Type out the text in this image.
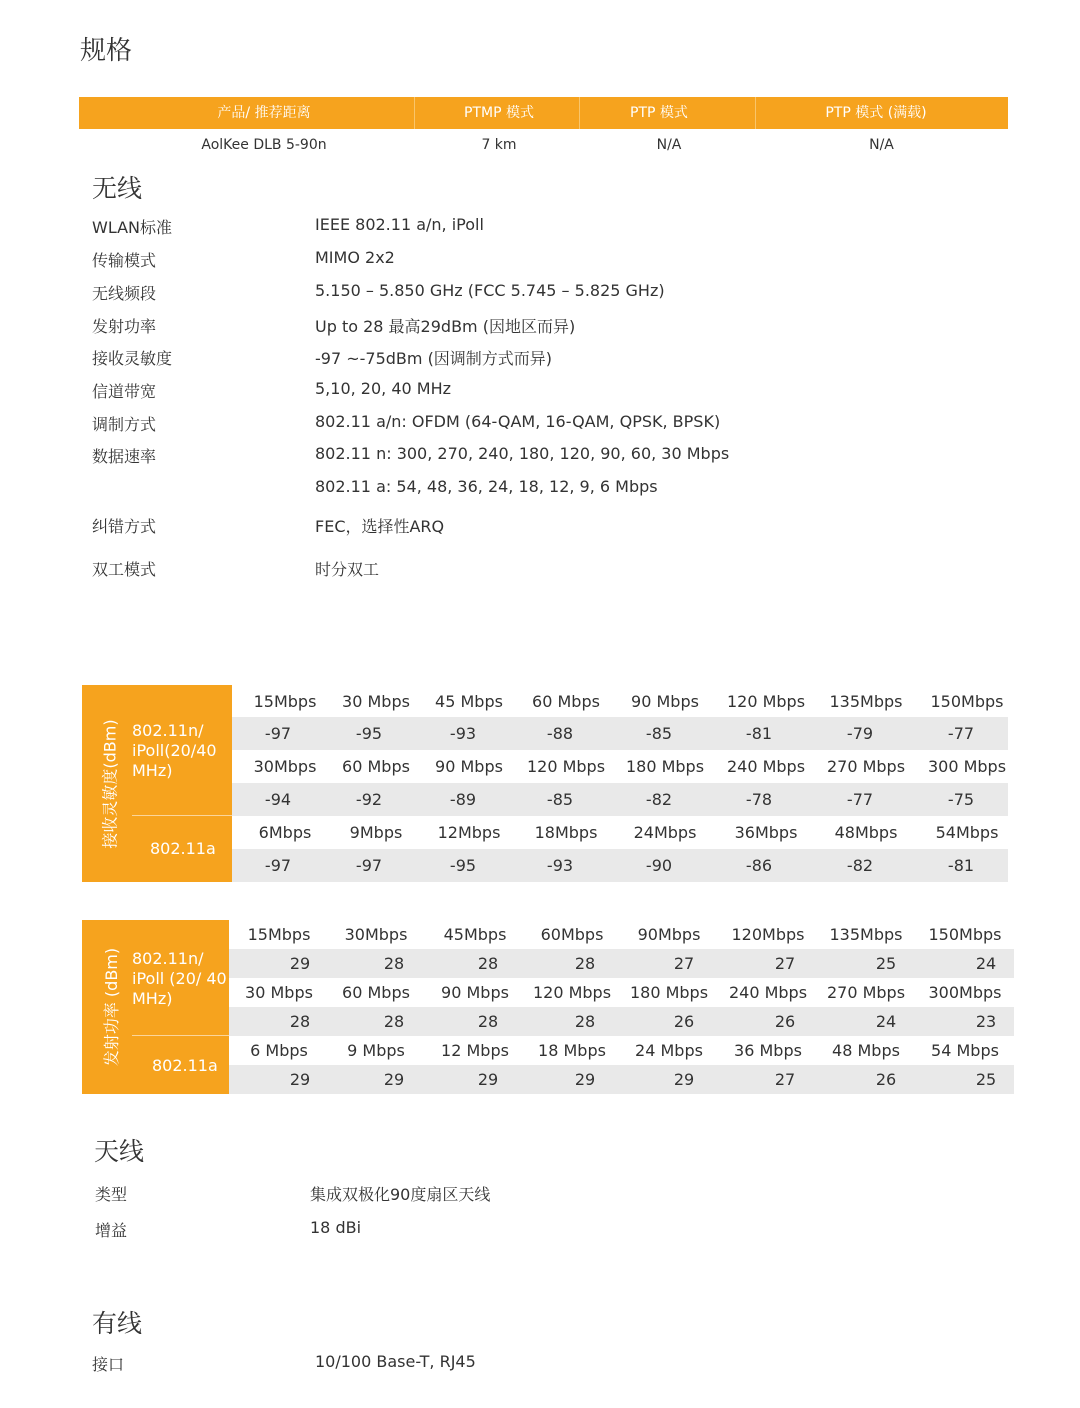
规格
产品/ 推荐距离	PTMP 模式	PTP 模式	PTP 模式 (满载)
AolKee DLB 5-90n	7 km	N/A	N/A
无线
WLAN标准	IEEE 802.11 a/n, iPoll
传输模式	MIMO 2x2
无线频段	5.150 – 5.850 GHz (FCC 5.745 – 5.825 GHz)
发射功率	Up to 28 最高29dBm (因地区而异)
接收灵敏度	-97 ~-75dBm (因调制方式而异)
信道带宽	5,10, 20, 40 MHz
调制方式	802.11 a/n: OFDM (64-QAM, 16-QAM, QPSK, BPSK)
数据速率	802.11 n: 300, 270, 240, 180, 120, 90, 60, 30 Mbps
802.11 a: 54, 48, 36, 24, 18, 12, 9, 6 Mbps
纠错方式	FEC，选择性ARQ
双工模式	时分双工
接收灵敏度(dBm) 802.11n/ iPoll(20/40 MHz)
802.11a
15Mbps	30 Mbps	45 Mbps	60 Mbps	90 Mbps	120 Mbps	135Mbps	150Mbps
-97	-95	-93	-88	-85	-81	-79	-77
30Mbps	60 Mbps	90 Mbps	120 Mbps	180 Mbps	240 Mbps	270 Mbps	300 Mbps
-94	-92	-89	-85	-82	-78	-77	-75
6Mbps	9Mbps	12Mbps	18Mbps	24Mbps	36Mbps	48Mbps	54Mbps
-97	-97	-95	-93	-90	-86	-82	-81
发射功率 (dBm) 802.11n/ iPoll (20/ 40 MHz)
802.11a
15Mbps	30Mbps	45Mbps	60Mbps	90Mbps	120Mbps	135Mbps	150Mbps
29	28	28	28	27	27	25	24
30 Mbps	60 Mbps	90 Mbps	120 Mbps	180 Mbps	240 Mbps	270 Mbps	300Mbps
28	28	28	28	26	26	24	23
6 Mbps	9 Mbps	12 Mbps	18 Mbps	24 Mbps	36 Mbps	48 Mbps	54 Mbps
29	29	29	29	29	27	26	25
天线
类型	集成双极化90度扇区天线
增益	18 dBi
有线
接口	10/100 Base-T, RJ45
